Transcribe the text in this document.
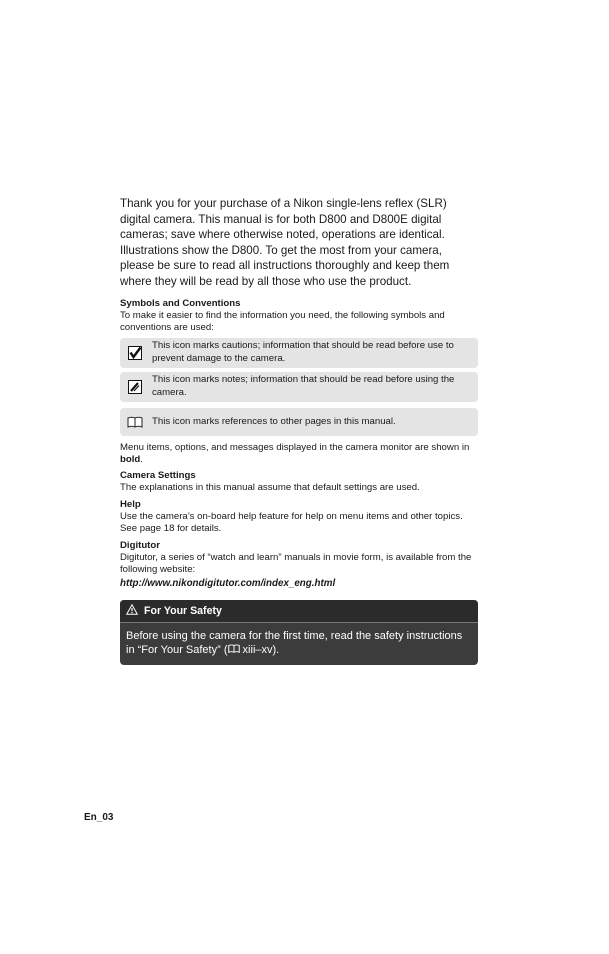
Thank you for your purchase of a Nikon single-lens reflex (SLR) digital camera. This manual is for both D800 and D800E digital cameras; save where otherwise noted, operations are identical. Illustrations show the D800. To get the most from your camera, please be sure to read all instructions thoroughly and keep them where they will be read by all those who use the product.

Symbols and Conventions

To make it easier to find the information you need, the following symbols and conventions are used:

This icon marks cautions; information that should be read before use to prevent damage to the camera.
This icon marks notes; information that should be read before using the camera.
This icon marks references to other pages in this manual.

Menu items, options, and messages displayed in the camera monitor are shown in bold.

Camera Settings

The explanations in this manual assume that default settings are used.

Help

Use the camera’s on-board help feature for help on menu items and other topics. See page 18 for details.

Digitutor

Digitutor, a series of “watch and learn” manuals in movie form, is available from the following website:

http://www.nikondigitutor.com/index_eng.html

For Your Safety
Before using the camera for the first time, read the safety instructions in “For Your Safety” ( xiii–xv).
En_03
